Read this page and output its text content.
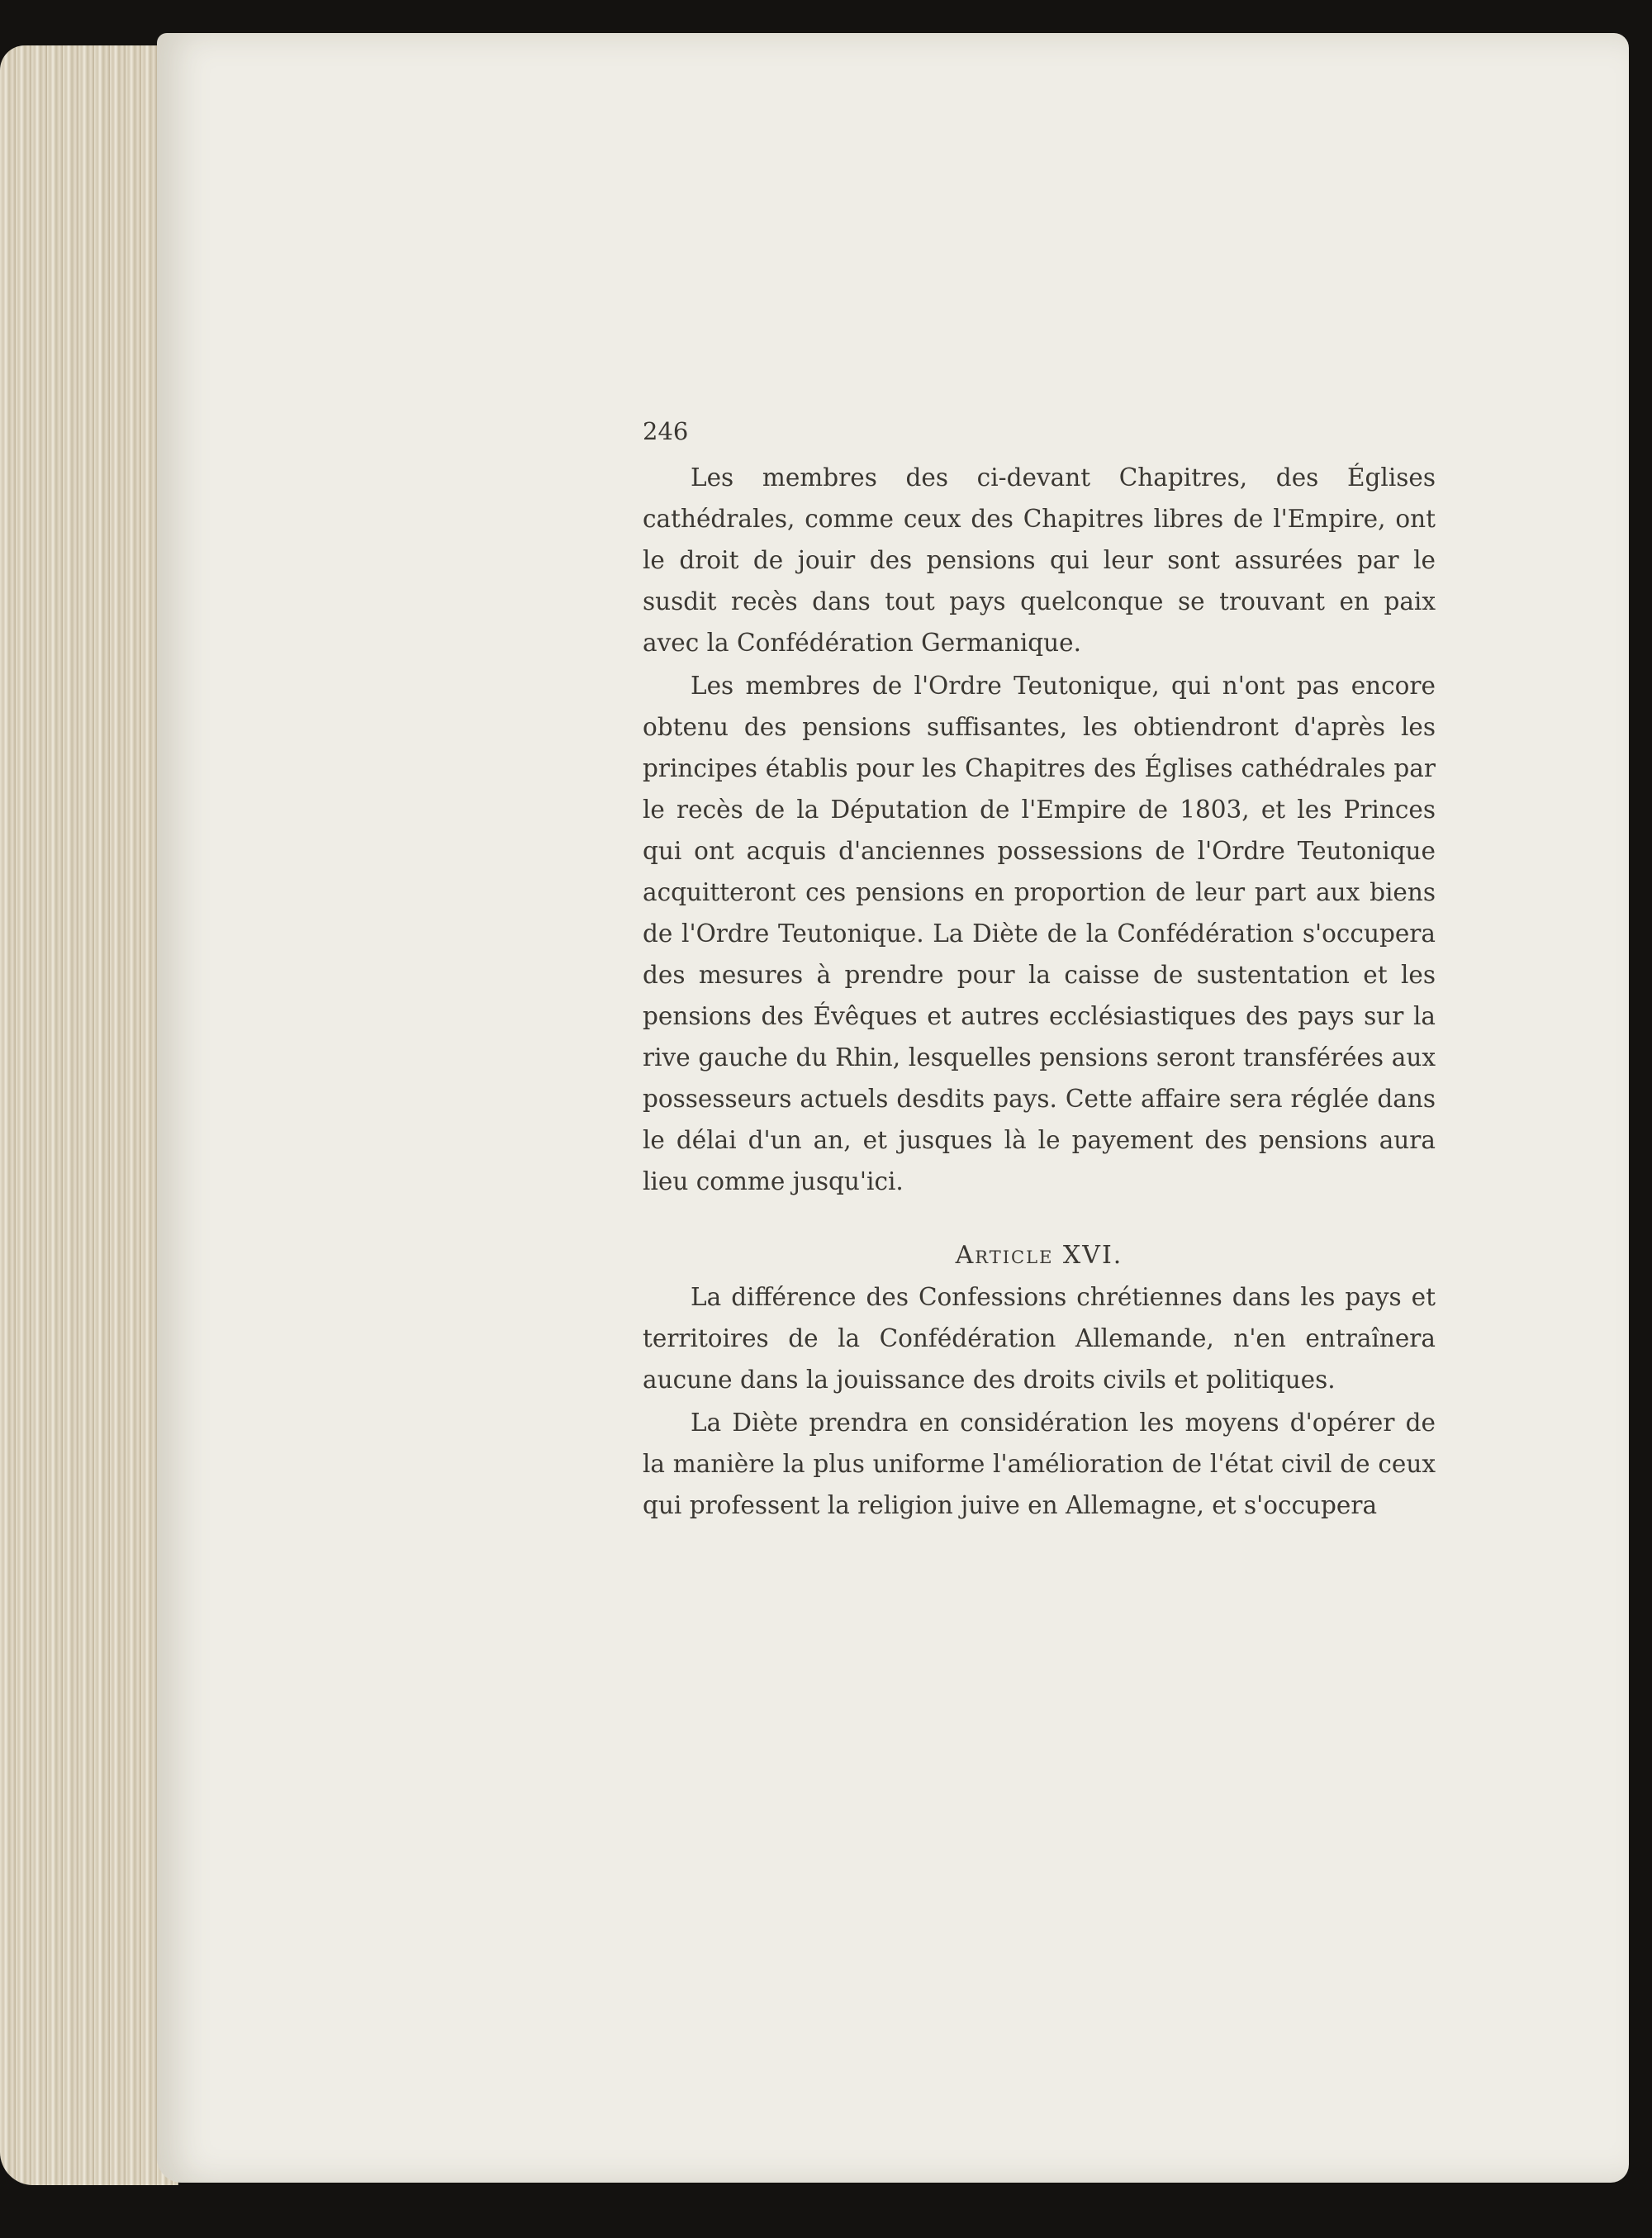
246

Les membres des ci-devant Chapitres, des Églises cathédrales, comme ceux des Chapitres libres de l'Empire, ont le droit de jouir des pensions qui leur sont assurées par le susdit recès dans tout pays quelconque se trouvant en paix avec la Confédération Germanique.

Les membres de l'Ordre Teutonique, qui n'ont pas encore obtenu des pensions suffisantes, les obtiendront d'après les principes établis pour les Chapitres des Églises cathédrales par le recès de la Députation de l'Empire de 1803, et les Princes qui ont acquis d'anciennes possessions de l'Ordre Teutonique acquitteront ces pensions en proportion de leur part aux biens de l'Ordre Teutonique. La Diète de la Confédération s'occupera des mesures à prendre pour la caisse de sustentation et les pensions des Évêques et autres ecclésiastiques des pays sur la rive gauche du Rhin, lesquelles pensions seront transférées aux possesseurs actuels desdits pays. Cette affaire sera réglée dans le délai d'un an, et jusques là le payement des pensions aura lieu comme jusqu'ici.

Article XVI.

La différence des Confessions chrétiennes dans les pays et territoires de la Confédération Allemande, n'en entraînera aucune dans la jouissance des droits civils et politiques.

La Diète prendra en considération les moyens d'opérer de la manière la plus uniforme l'amélioration de l'état civil de ceux qui professent la religion juive en Allemagne, et s'occupera
